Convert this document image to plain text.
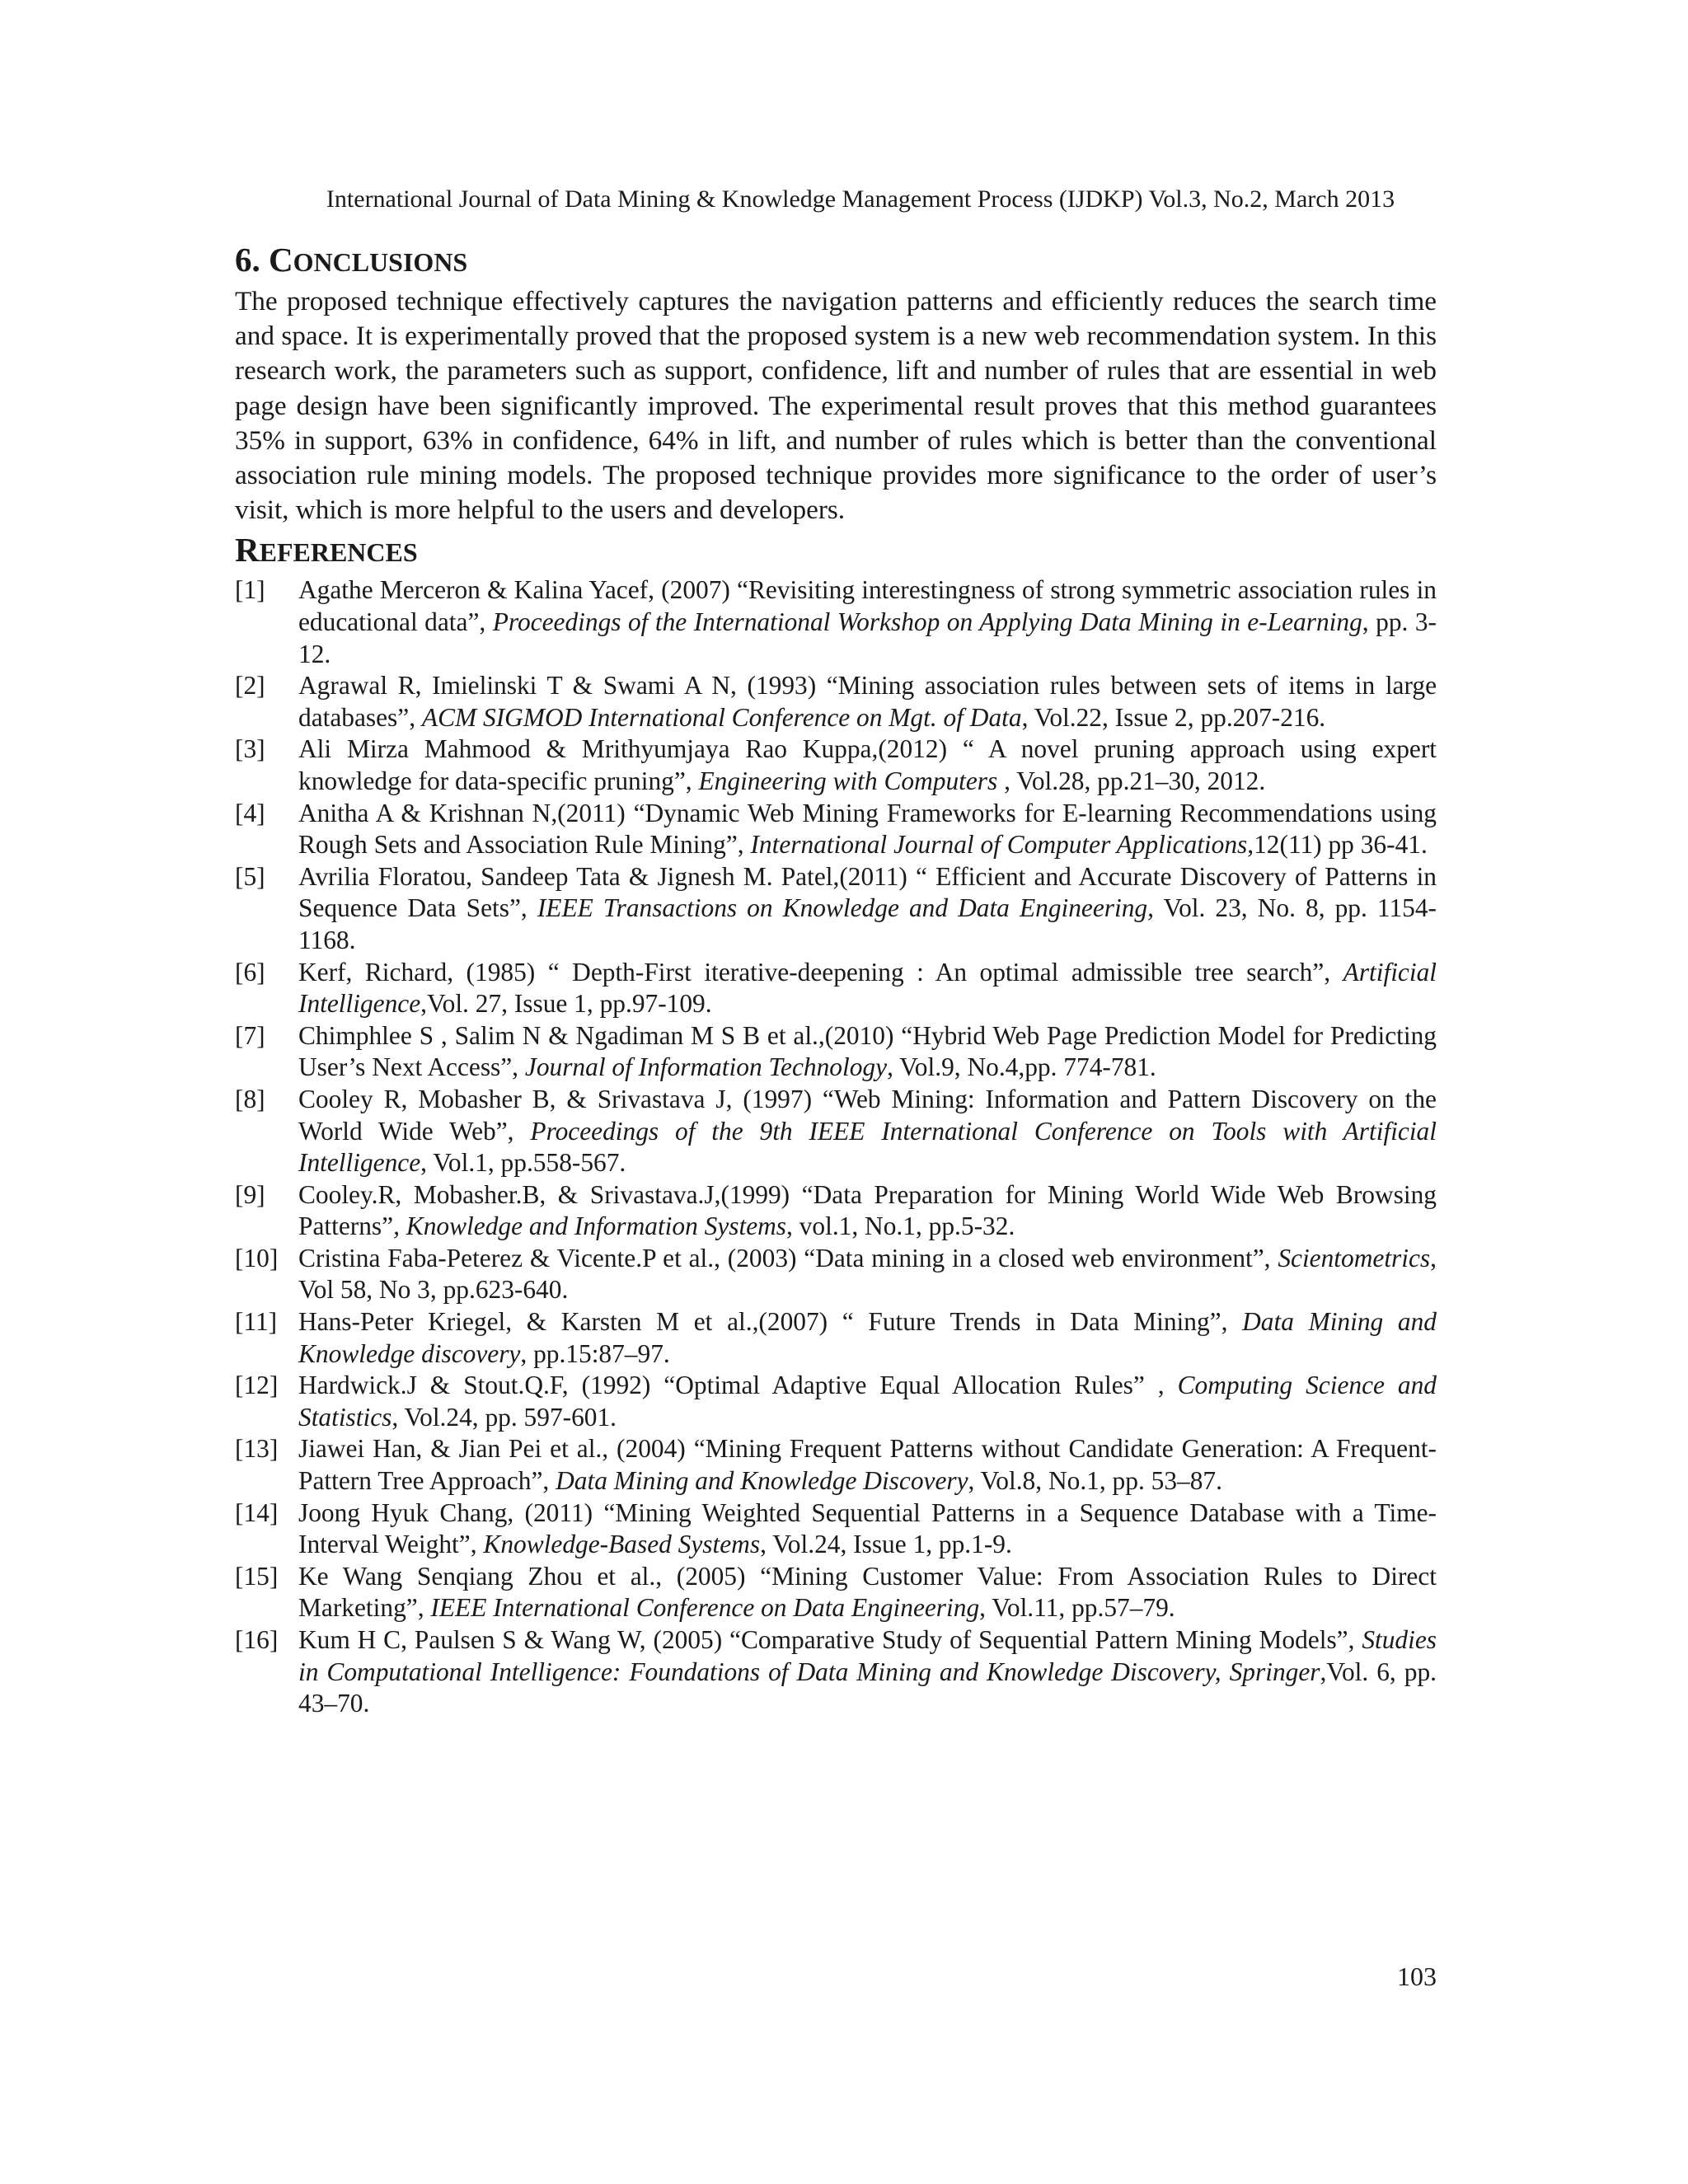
International Journal of Data Mining & Knowledge Management Process (IJDKP) Vol.3, No.2, March 2013
6. CONCLUSIONS

The proposed technique effectively captures the navigation patterns and efficiently reduces the search time and space. It is experimentally proved that the proposed system is a new web recommendation system. In this research work, the parameters such as support, confidence, lift and number of rules that are essential in web page design have been significantly improved. The experimental result proves that this method guarantees 35% in support, 63% in confidence, 64% in lift, and number of rules which is better than the conventional association rule mining models. The proposed technique provides more significance to the order of user’s visit, which is more helpful to the users and developers.

REFERENCES
[1] Agathe Merceron & Kalina Yacef, (2007) “Revisiting interestingness of strong symmetric association rules in educational data”, Proceedings of the International Workshop on Applying Data Mining in e-Learning, pp. 3-12.
[2] Agrawal R, Imielinski T & Swami A N, (1993) “Mining association rules between sets of items in large databases”, ACM SIGMOD International Conference on Mgt. of Data, Vol.22, Issue 2, pp.207-216.
[3] Ali Mirza Mahmood & Mrithyumjaya Rao Kuppa,(2012) “ A novel pruning approach using expert knowledge for data-specific pruning”, Engineering with Computers , Vol.28, pp.21–30, 2012.
[4] Anitha A & Krishnan N,(2011) “Dynamic Web Mining Frameworks for E-learning Recommendations using Rough Sets and Association Rule Mining”, International Journal of Computer Applications,12(11) pp 36-41.
[5] Avrilia Floratou, Sandeep Tata & Jignesh M. Patel,(2011) “ Efficient and Accurate Discovery of Patterns in Sequence Data Sets”, IEEE Transactions on Knowledge and Data Engineering, Vol. 23, No. 8, pp. 1154-1168.
[6] Kerf, Richard, (1985) “ Depth-First iterative-deepening : An optimal admissible tree search”, Artificial Intelligence,Vol. 27, Issue 1, pp.97-109.
[7] Chimphlee S , Salim N & Ngadiman M S B et al.,(2010) “Hybrid Web Page Prediction Model for Predicting User’s Next Access”, Journal of Information Technology, Vol.9, No.4,pp. 774-781.
[8] Cooley R, Mobasher B, & Srivastava J, (1997) “Web Mining: Information and Pattern Discovery on the World Wide Web”, Proceedings of the 9th IEEE International Conference on Tools with Artificial Intelligence, Vol.1, pp.558-567.
[9] Cooley.R, Mobasher.B, & Srivastava.J,(1999) “Data Preparation for Mining World Wide Web Browsing Patterns”, Knowledge and Information Systems, vol.1, No.1, pp.5-32.
[10] Cristina Faba-Peterez & Vicente.P et al., (2003) “Data mining in a closed web environment”, Scientometrics, Vol 58, No 3, pp.623-640.
[11] Hans-Peter Kriegel, & Karsten M et al.,(2007) “ Future Trends in Data Mining”, Data Mining and Knowledge discovery, pp.15:87–97.
[12] Hardwick.J & Stout.Q.F, (1992) “Optimal Adaptive Equal Allocation Rules” , Computing Science and Statistics, Vol.24, pp. 597-601.
[13] Jiawei Han, & Jian Pei et al., (2004) “Mining Frequent Patterns without Candidate Generation: A Frequent-Pattern Tree Approach”, Data Mining and Knowledge Discovery, Vol.8, No.1, pp. 53–87.
[14] Joong Hyuk Chang, (2011) “Mining Weighted Sequential Patterns in a Sequence Database with a Time-Interval Weight”, Knowledge-Based Systems, Vol.24, Issue 1, pp.1-9.
[15] Ke Wang Senqiang Zhou et al., (2005) “Mining Customer Value: From Association Rules to Direct Marketing”, IEEE International Conference on Data Engineering, Vol.11, pp.57–79.
[16] Kum H C, Paulsen S & Wang W, (2005) “Comparative Study of Sequential Pattern Mining Models”, Studies in Computational Intelligence: Foundations of Data Mining and Knowledge Discovery, Springer,Vol. 6, pp. 43–70.
103
